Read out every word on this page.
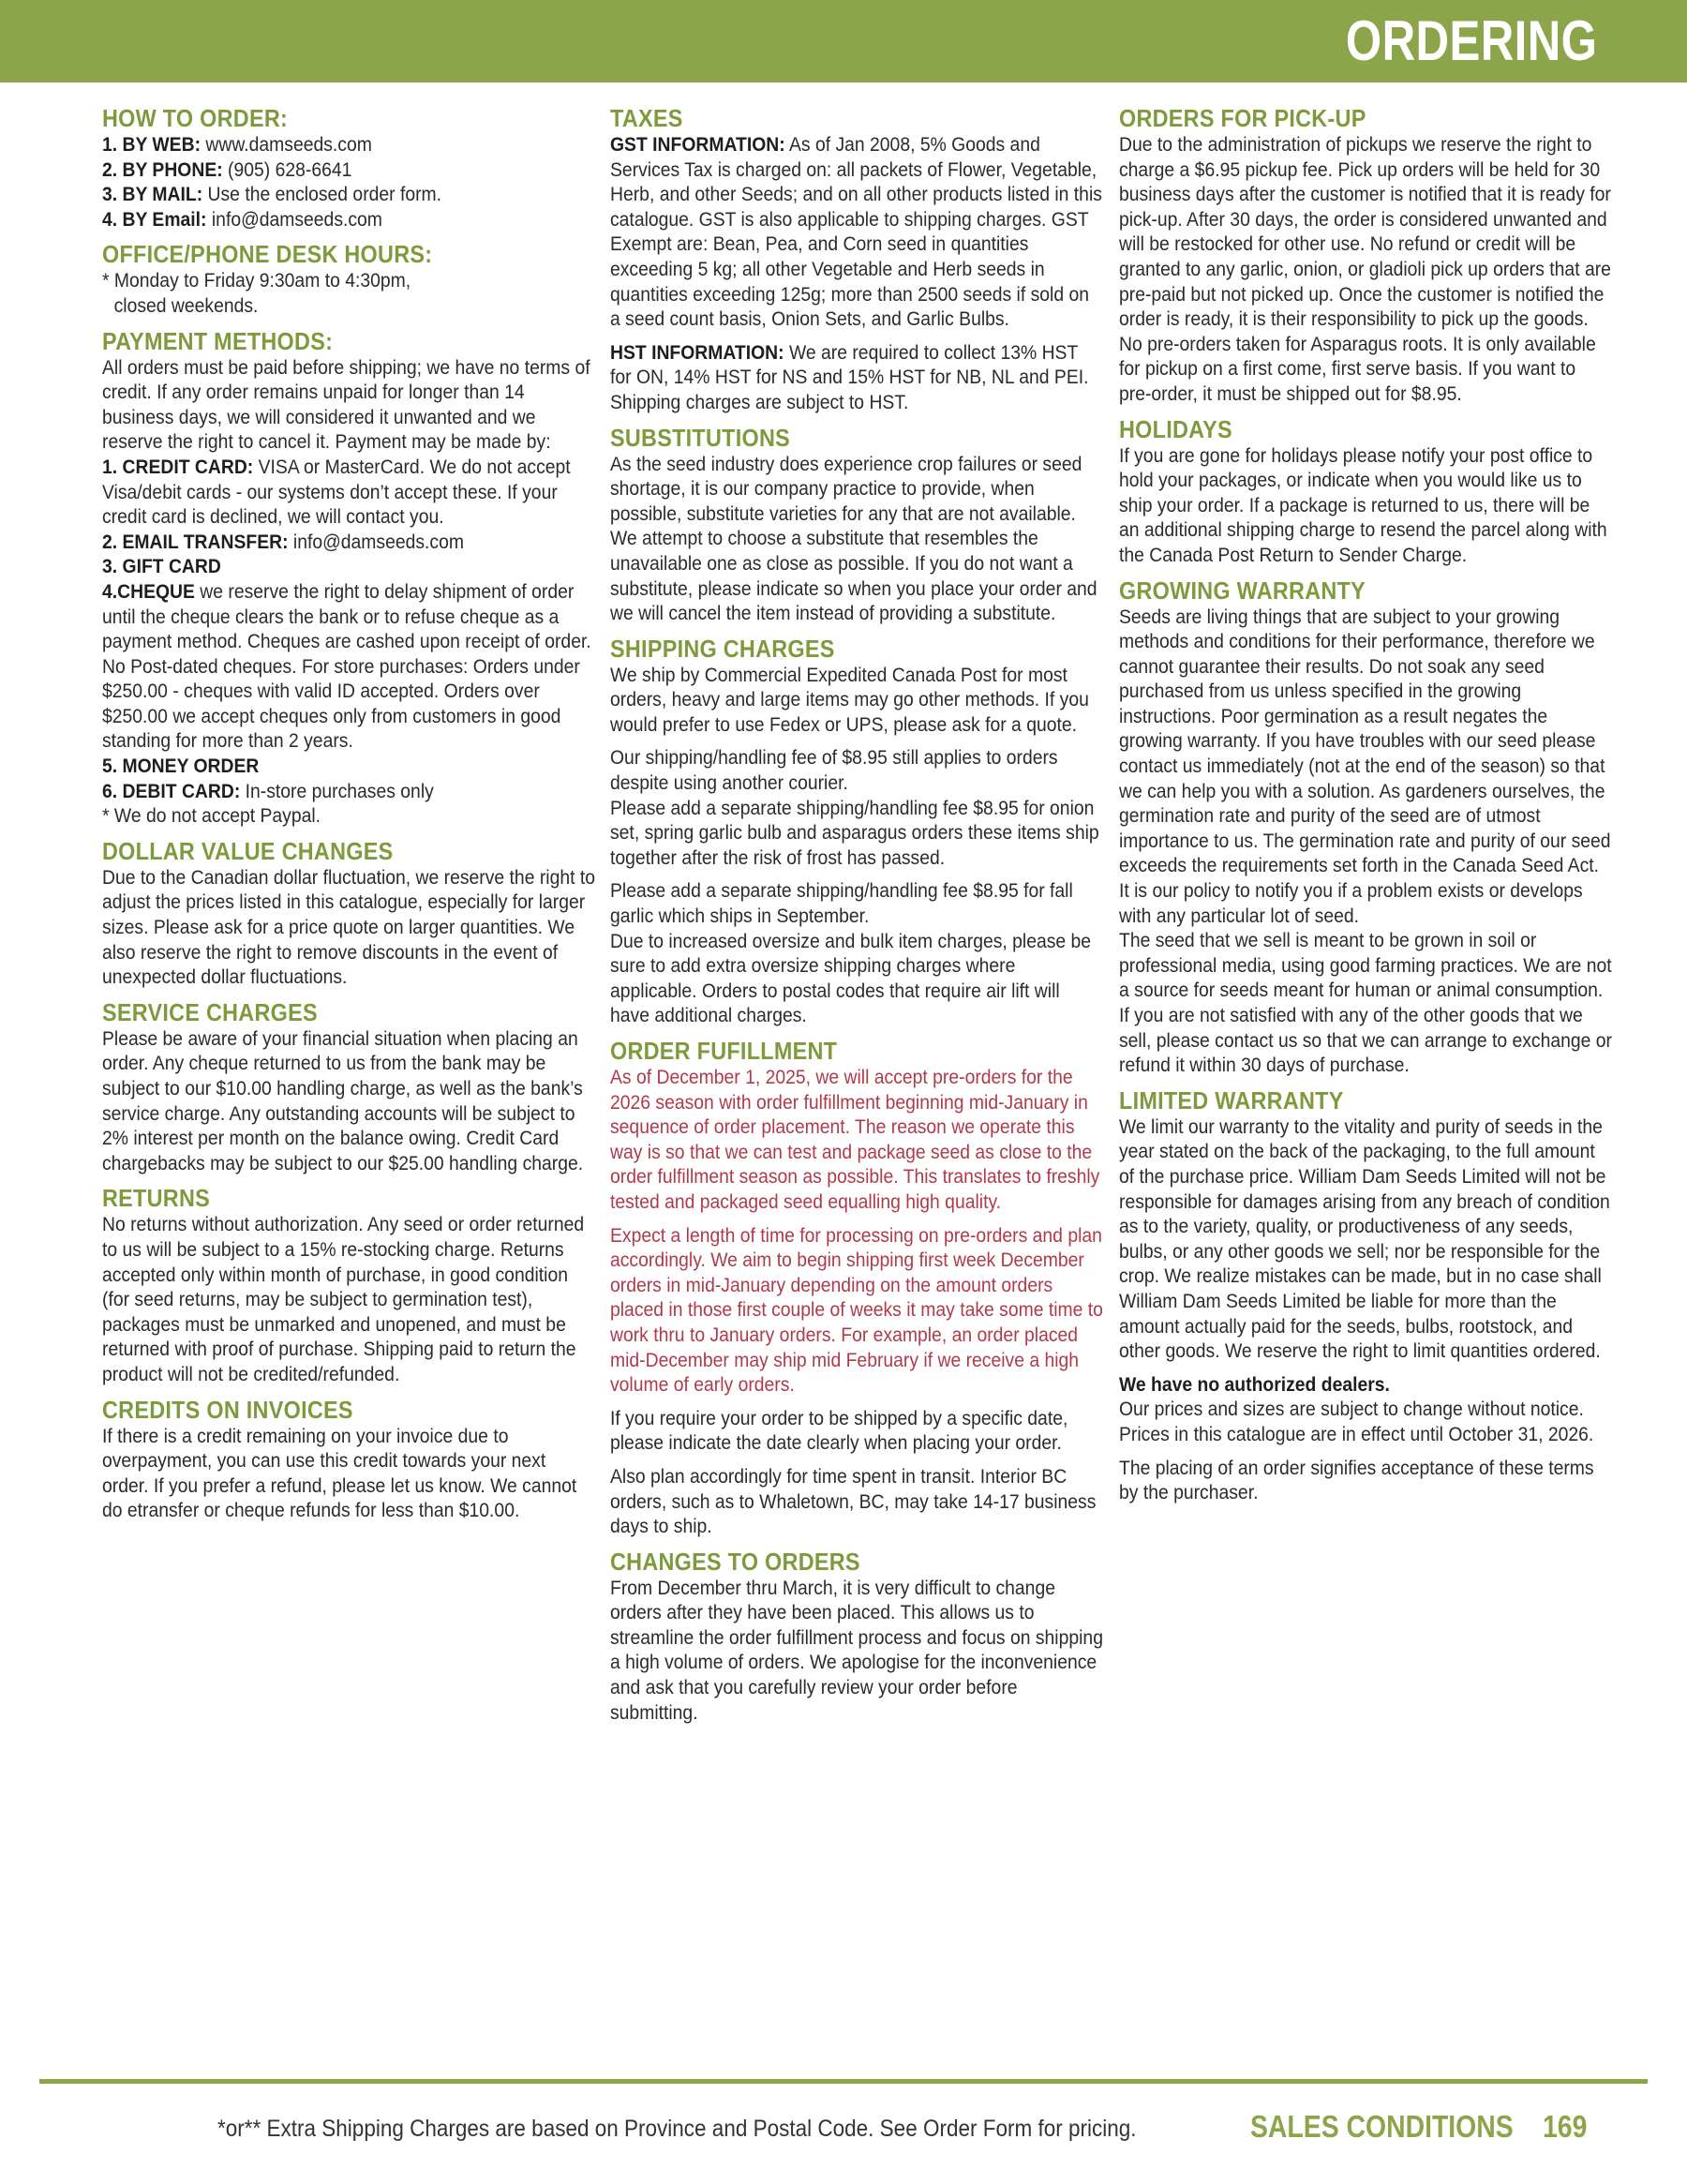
ORDERING
HOW TO ORDER:
1. BY WEB: www.damseeds.com
2. BY PHONE: (905) 628-6641
3. BY MAIL: Use the enclosed order form.
4. BY Email: info@damseeds.com
OFFICE/PHONE DESK HOURS:
* Monday to Friday 9:30am to 4:30pm,
closed weekends.
PAYMENT METHODS:
All orders must be paid before shipping; we have no terms of credit. If any order remains unpaid for longer than 14 business days, we will considered it unwanted and we reserve the right to cancel it. Payment may be made by:
1. CREDIT CARD: VISA or MasterCard. We do not accept Visa/debit cards - our systems don’t accept these. If your credit card is declined, we will contact you.
2. EMAIL TRANSFER: info@damseeds.com
3. GIFT CARD
4.CHEQUE we reserve the right to delay shipment of order until the cheque clears the bank or to refuse cheque as a payment method. Cheques are cashed upon receipt of order. No Post-dated cheques. For store purchases: Orders under $250.00 - cheques with valid ID accepted. Orders over $250.00 we accept cheques only from customers in good standing for more than 2 years.
5. MONEY ORDER
6. DEBIT CARD: In-store purchases only
* We do not accept Paypal.
DOLLAR VALUE CHANGES
Due to the Canadian dollar fluctuation, we reserve the right to adjust the prices listed in this catalogue, especially for larger sizes. Please ask for a price quote on larger quantities. We also reserve the right to remove discounts in the event of unexpected dollar fluctuations.
SERVICE CHARGES
Please be aware of your financial situation when placing an order. Any cheque returned to us from the bank may be subject to our $10.00 handling charge, as well as the bank’s service charge. Any outstanding accounts will be subject to 2% interest per month on the balance owing. Credit Card chargebacks may be subject to our $25.00 handling charge.
RETURNS
No returns without authorization. Any seed or order returned to us will be subject to a 15% re-stocking charge. Returns accepted only within month of purchase, in good condition (for seed returns, may be subject to germination test), packages must be unmarked and unopened, and must be returned with proof of purchase. Shipping paid to return the product will not be credited/refunded.
CREDITS ON INVOICES
If there is a credit remaining on your invoice due to overpayment, you can use this credit towards your next order. If you prefer a refund, please let us know. We cannot do etransfer or cheque refunds for less than $10.00.
TAXES
GST INFORMATION: As of Jan 2008, 5% Goods and Services Tax is charged on: all packets of Flower, Vegetable, Herb, and other Seeds; and on all other products listed in this catalogue. GST is also applicable to shipping charges. GST Exempt are: Bean, Pea, and Corn seed in quantities exceeding 5 kg; all other Vegetable and Herb seeds in quantities exceeding 125g; more than 2500 seeds if sold on a seed count basis, Onion Sets, and Garlic Bulbs.
HST INFORMATION: We are required to collect 13% HST for ON, 14% HST for NS and 15% HST for NB, NL and PEI. Shipping charges are subject to HST.
SUBSTITUTIONS
As the seed industry does experience crop failures or seed shortage, it is our company practice to provide, when possible, substitute varieties for any that are not available. We attempt to choose a substitute that resembles the unavailable one as close as possible. If you do not want a substitute, please indicate so when you place your order and we will cancel the item instead of providing a substitute.
SHIPPING CHARGES
We ship by Commercial Expedited Canada Post for most orders, heavy and large items may go other methods. If you would prefer to use Fedex or UPS, please ask for a quote.
Our shipping/handling fee of $8.95 still applies to orders despite using another courier.
Please add a separate shipping/handling fee $8.95 for onion set, spring garlic bulb and asparagus orders these items ship together after the risk of frost has passed.
Please add a separate shipping/handling fee $8.95 for fall garlic which ships in September.
Due to increased oversize and bulk item charges, please be sure to add extra oversize shipping charges where applicable. Orders to postal codes that require air lift will have additional charges.
ORDER FUFILLMENT
As of December 1, 2025, we will accept pre-orders for the 2026 season with order fulfillment beginning mid-January in sequence of order placement. The reason we operate this way is so that we can test and package seed as close to the order fulfillment season as possible. This translates to freshly tested and packaged seed equalling high quality.
Expect a length of time for processing on pre-orders and plan accordingly. We aim to begin shipping first week December orders in mid-January depending on the amount orders placed in those first couple of weeks it may take some time to work thru to January orders. For example, an order placed mid-December may ship mid February if we receive a high volume of early orders.
If you require your order to be shipped by a specific date, please indicate the date clearly when placing your order.
Also plan accordingly for time spent in transit. Interior BC orders, such as to Whaletown, BC, may take 14-17 business days to ship.
CHANGES TO ORDERS
From December thru March, it is very difficult to change orders after they have been placed. This allows us to streamline the order fulfillment process and focus on shipping a high volume of orders. We apologise for the inconvenience and ask that you carefully review your order before submitting.
ORDERS FOR PICK-UP
Due to the administration of pickups we reserve the right to charge a $6.95 pickup fee. Pick up orders will be held for 30 business days after the customer is notified that it is ready for pick-up. After 30 days, the order is considered unwanted and will be restocked for other use. No refund or credit will be granted to any garlic, onion, or gladioli pick up orders that are pre-paid but not picked up. Once the customer is notified the order is ready, it is their responsibility to pick up the goods. No pre-orders taken for Asparagus roots. It is only available for pickup on a first come, first serve basis. If you want to pre-order, it must be shipped out for $8.95.
HOLIDAYS
If you are gone for holidays please notify your post office to hold your packages, or indicate when you would like us to ship your order. If a package is returned to us, there will be an additional shipping charge to resend the parcel along with the Canada Post Return to Sender Charge.
GROWING WARRANTY
Seeds are living things that are subject to your growing methods and conditions for their performance, therefore we cannot guarantee their results. Do not soak any seed purchased from us unless specified in the growing instructions. Poor germination as a result negates the growing warranty. If you have troubles with our seed please contact us immediately (not at the end of the season) so that we can help you with a solution. As gardeners ourselves, the germination rate and purity of the seed are of utmost importance to us. The germination rate and purity of our seed exceeds the requirements set forth in the Canada Seed Act. It is our policy to notify you if a problem exists or develops with any particular lot of seed.
The seed that we sell is meant to be grown in soil or professional media, using good farming practices. We are not a source for seeds meant for human or animal consumption. If you are not satisfied with any of the other goods that we sell, please contact us so that we can arrange to exchange or refund it within 30 days of purchase.
LIMITED WARRANTY
We limit our warranty to the vitality and purity of seeds in the year stated on the back of the packaging, to the full amount of the purchase price. William Dam Seeds Limited will not be responsible for damages arising from any breach of condition as to the variety, quality, or productiveness of any seeds, bulbs, or any other goods we sell; nor be responsible for the crop. We realize mistakes can be made, but in no case shall William Dam Seeds Limited be liable for more than the amount actually paid for the seeds, bulbs, rootstock, and other goods. We reserve the right to limit quantities ordered.
We have no authorized dealers.
Our prices and sizes are subject to change without notice. Prices in this catalogue are in effect until October 31, 2026.
The placing of an order signifies acceptance of these terms by the purchaser.
*or** Extra Shipping Charges are based on Province and Postal Code. See Order Form for pricing.	SALES CONDITIONS 169
